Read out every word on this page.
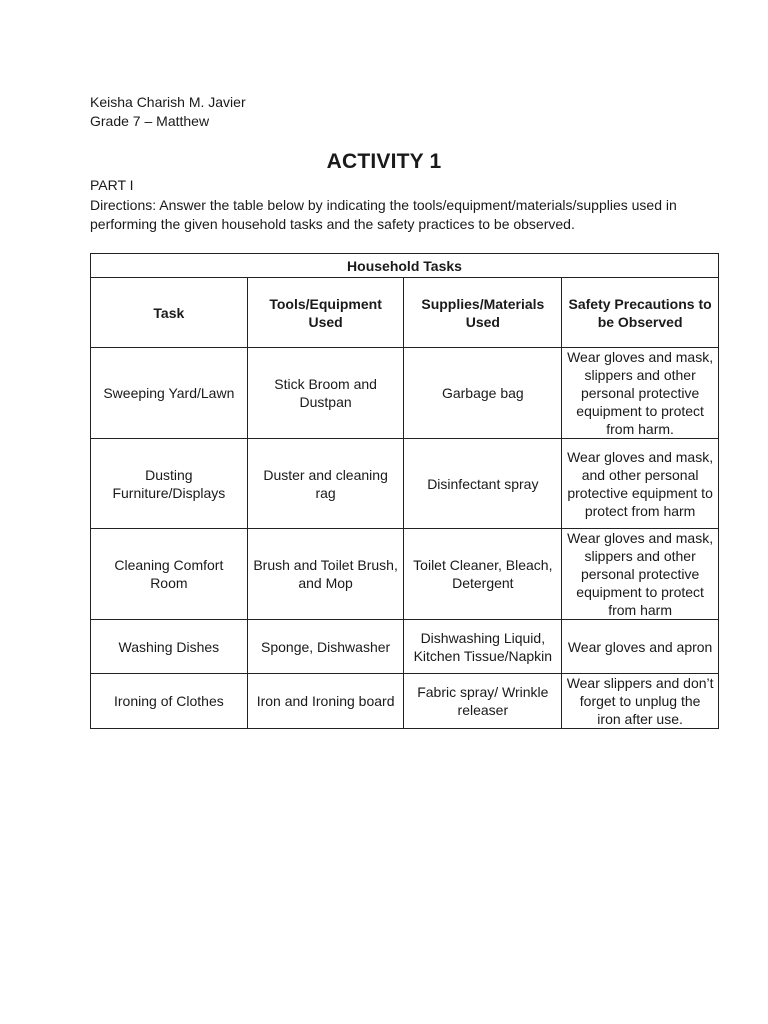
Keisha Charish M. Javier
Grade 7 – Matthew
ACTIVITY 1
PART I
Directions: Answer the table below by indicating the tools/equipment/materials/supplies used in performing the given household tasks and the safety practices to be observed.
Household Tasks			
Task	Tools/Equipment Used	Supplies/Materials Used	Safety Precautions to be Observed
Sweeping Yard/Lawn	Stick Broom and Dustpan	Garbage bag	Wear gloves and mask, slippers and other personal protective equipment to protect from harm.
Dusting Furniture/Displays	Duster and cleaning rag	Disinfectant spray	Wear gloves and mask, and other personal protective equipment to protect from harm
Cleaning Comfort Room	Brush and Toilet Brush, and Mop	Toilet Cleaner, Bleach, Detergent	Wear gloves and mask, slippers and other personal protective equipment to protect from harm
Washing Dishes	Sponge, Dishwasher	Dishwashing Liquid, Kitchen Tissue/Napkin	Wear gloves and apron
Ironing of Clothes	Iron and Ironing board	Fabric spray/ Wrinkle releaser	Wear slippers and don’t forget to unplug the iron after use.
